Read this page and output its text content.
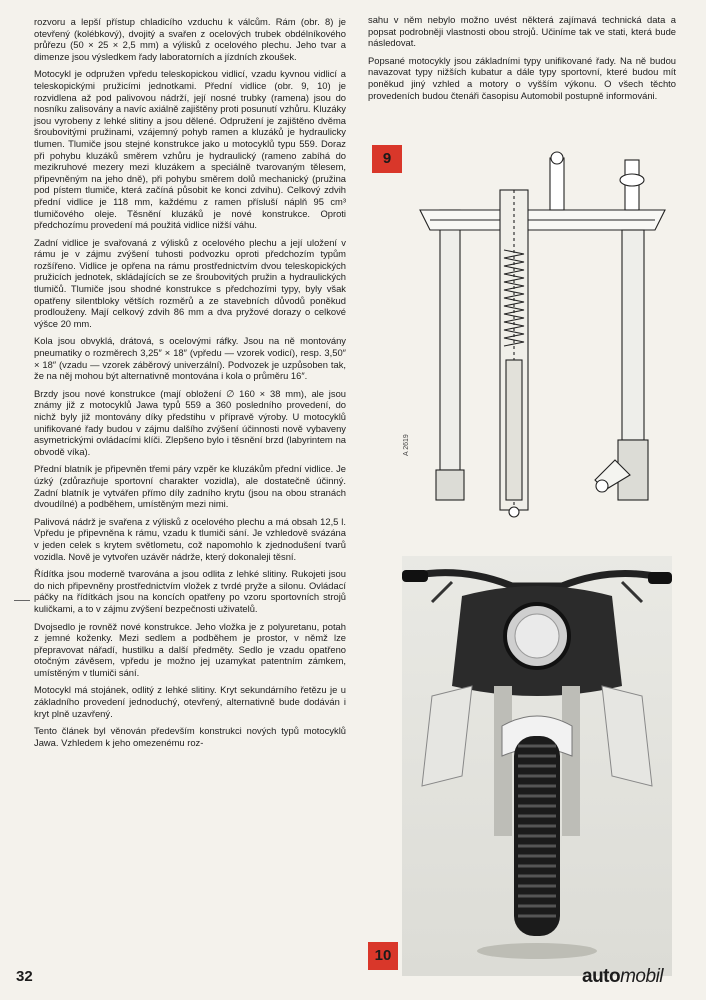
rozvoru a lepší přístup chladicího vzduchu k válcům. Rám (obr. 8) je otevřený (kolébkový), dvojitý a svařen z ocelových trubek obdélníkového průřezu (50 × 25 × 2,5 mm) a výlisků z ocelového plechu. Jeho tvar a dimenze jsou výsledkem řady laboratorních a jízdních zkoušek.

Motocykl je odpružen vpředu teleskopickou vidlicí, vzadu kyvnou vidlicí a teleskopickými pružicími jednotkami. Přední vidlice (obr. 9, 10) je rozvidlena až pod palivovou nádrží, její nosné trubky (ramena) jsou do nosníku zalisovány a navíc axiálně zajištěny proti posunutí vzhůru. Kluzáky jsou vyrobeny z lehké slitiny a jsou dělené. Odpružení je zajištěno dvěma šroubovitými pružinami, vzájemný pohyb ramen a kluzáků je hydraulicky tlumen. Tlumiče jsou stejné konstrukce jako u motocyklů typu 559. Doraz při pohybu kluzáků směrem vzhůru je hydraulický (rameno zabíhá do mezikruhové mezery mezi kluzákem a speciálně tvarovaným tělesem, připevněným na jeho dně), při pohybu směrem dolů mechanický (pružina pod pístem tlumiče, která začíná působit ke konci zdvihu). Celkový zdvih přední vidlice je 118 mm, každému z ramen přísluší náplň 95 cm³ tlumičového oleje. Těsnění kluzáků je nové konstrukce. Oproti předchozímu provedení má použitá vidlice nižší váhu.

Zadní vidlice je svařovaná z výlisků z ocelového plechu a její uložení v rámu je v zájmu zvýšení tuhosti podvozku oproti předchozím typům rozšířeno. Vidlice je opřena na rámu prostřednictvím dvou teleskopických pružicích jednotek, skládajících se ze šroubovitých pružin a hydraulických tlumičů. Tlumiče jsou shodné konstrukce s předchozími typy, byly však opatřeny silentbloky větších rozměrů a ze stavebních důvodů poněkud prodlouženy. Mají celkový zdvih 86 mm a dva pryžové dorazy o celkové výšce 20 mm.

Kola jsou obvyklá, drátová, s ocelovými ráfky. Jsou na ně montovány pneumatiky o rozměrech 3,25″ × 18″ (vpředu — vzorek vodicí), resp. 3,50″ × 18″ (vzadu — vzorek záběrový univerzální). Podvozek je uzpůsoben tak, že na něj mohou být alternativně montována i kola o průměru 16″.

Brzdy jsou nové konstrukce (mají obložení ∅ 160 × 38 mm), ale jsou známy již z motocyklů Jawa typů 559 a 360 posledního provedení, do nichž byly již montovány díky předstihu v přípravě výroby. U motocyklů unifikované řady budou v zájmu dalšího zvýšení účinnosti nově vybaveny asymetrickými ovládacími klíči. Zlepšeno bylo i těsnění brzd (labyrintem na obvodě víka).

Přední blatník je připevněn třemi páry vzpěr ke kluzákům přední vidlice. Je úzký (zdůrazňuje sportovní charakter vozidla), ale dostatečně účinný. Zadní blatník je vytvářen přímo díly zadního krytu (jsou na obou stranách dvoudílné) a podběhem, umístěným mezi nimi.

Palivová nádrž je svařena z výlisků z ocelového plechu a má obsah 12,5 l. Vpředu je připevněna k rámu, vzadu k tlumiči sání. Je vzhledově svázána v jeden celek s krytem světlometu, což napomohlo k zjednodušení tvarů vozidla. Nově je vytvořen uzávěr nádrže, který dokonaleji těsní.

Řídítka jsou moderně tvarována a jsou odlita z lehké slitiny. Rukojeti jsou do nich připevněny prostřednictvím vložek z tvrdé pryže a silonu. Ovládací páčky na řídítkách jsou na koncích opatřeny po vzoru sportovních strojů kuličkami, a to v zájmu zvýšení bezpečnosti uživatelů.

Dvojsedlo je rovněž nové konstrukce. Jeho vložka je z polyuretanu, potah z jemné koženky. Mezi sedlem a podběhem je prostor, v němž lze přepravovat nářadí, hustilku a další předměty. Sedlo je vzadu opatřeno otočným závěsem, vpředu je možno jej uzamykat patentním zámkem, umístěným v tlumiči sání.

Motocykl má stojánek, odlitý z lehké slitiny. Kryt sekundárního řetězu je u základního provedení jednoduchý, otevřený, alternativně bude dodáván i kryt plně uzavřený.

Tento článek byl věnován především konstrukci nových typů motocyklů Jawa. Vzhledem k jeho omezenému roz-

sahu v něm nebylo možno uvést některá zajímavá technická data a popsat podrobněji vlastnosti obou strojů. Učiníme tak ve stati, která bude následovat.

Popsané motocykly jsou základními typy unifikované řady. Na ně budou navazovat typy nižších kubatur a dále typy sportovní, které budou mít poněkud jiný vzhled a motory o vyšším výkonu. O všech těchto provedeních budou čtenáři časopisu Automobil postupně informováni.

9
A 2619
10
32	automobil
